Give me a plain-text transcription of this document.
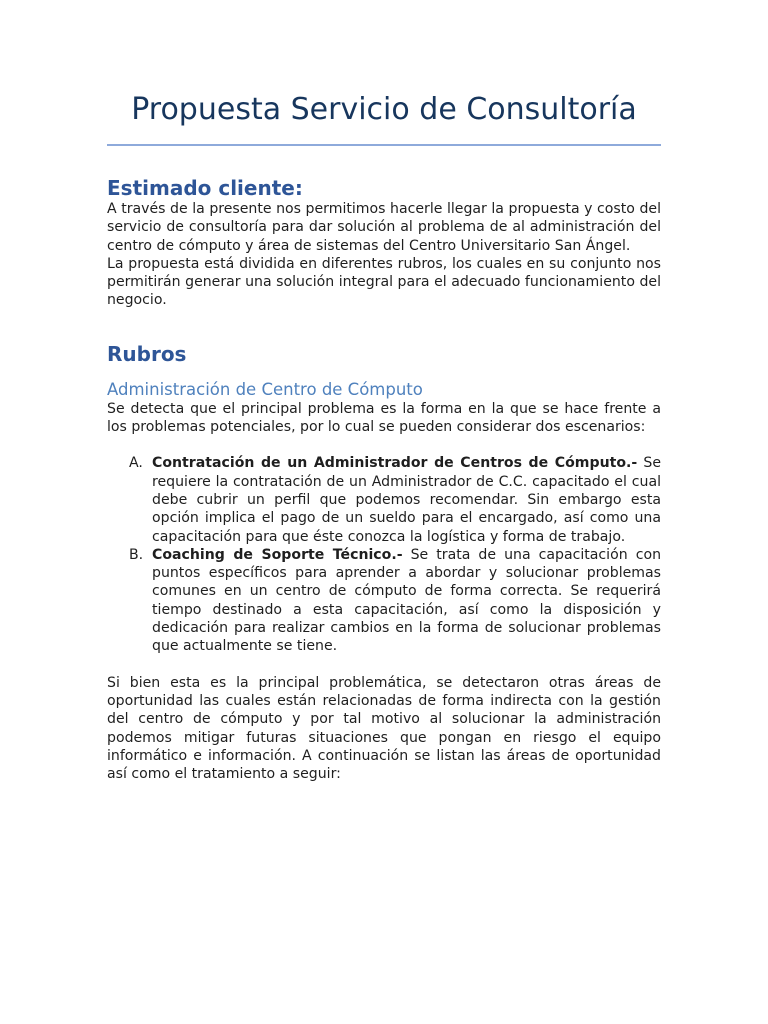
Propuesta Servicio de Consultoría
Estimado cliente:

A través de la presente nos permitimos hacerle llegar la propuesta y costo del servicio de consultoría para dar solución al problema de al administración del centro de cómputo y área de sistemas del Centro Universitario San Ángel.

La propuesta está dividida en diferentes rubros, los cuales en su conjunto nos permitirán generar una solución integral para el adecuado funcionamiento del negocio.

Rubros
Administración de Centro de Cómputo

Se detecta que el principal problema es la forma en la que se hace frente a los problemas potenciales, por lo cual se pueden considerar dos escenarios:

A. Contratación de un Administrador de Centros de Cómputo.- Se requiere la contratación de un Administrador de C.C. capacitado el cual debe cubrir un perfil que podemos recomendar. Sin embargo esta opción implica el pago de un sueldo para el encargado, así como una capacitación para que éste conozca la logística y forma de trabajo.
B. Coaching de Soporte Técnico.- Se trata de una capacitación con puntos específicos para aprender a abordar y solucionar problemas comunes en un centro de cómputo de forma correcta. Se requerirá tiempo destinado a esta capacitación, así como la disposición y dedicación para realizar cambios en la forma de solucionar problemas que actualmente se tiene.

Si bien esta es la principal problemática, se detectaron otras áreas de oportunidad las cuales están relacionadas de forma indirecta con la gestión del centro de cómputo y por tal motivo al solucionar la administración podemos mitigar futuras situaciones que pongan en riesgo el equipo informático e información. A continuación se listan las áreas de oportunidad así como el tratamiento a seguir:
